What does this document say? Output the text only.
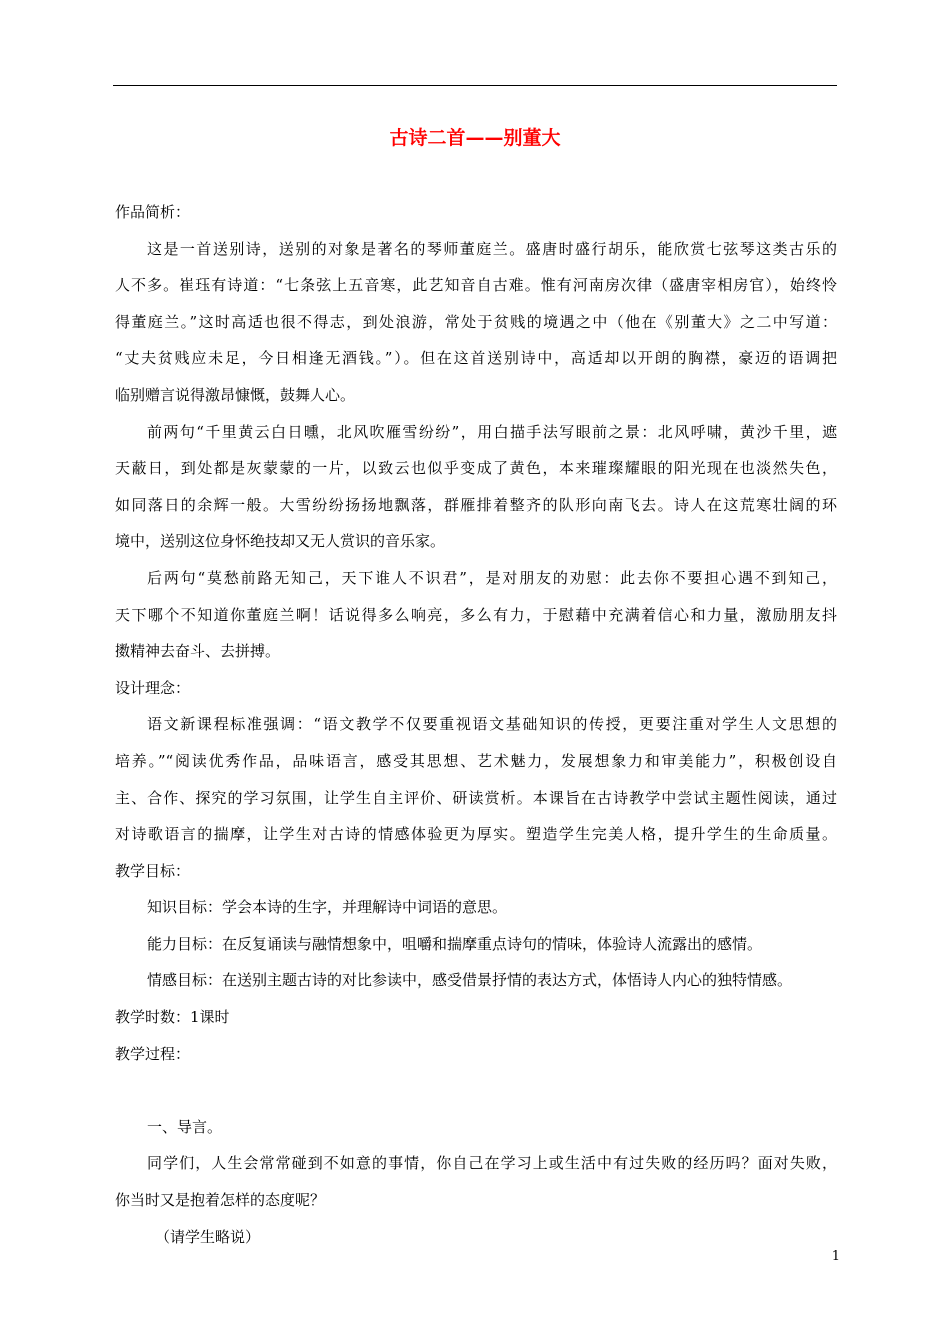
古诗二首——别董大
作品简析：
这是一首送别诗，送别的对象是著名的琴师董庭兰。盛唐时盛行胡乐，能欣赏七弦琴这类古乐的
人不多。崔珏有诗道：“七条弦上五音寒，此艺知音自古难。惟有河南房次律（盛唐宰相房官），始终怜
得董庭兰。”这时高适也很不得志，到处浪游，常处于贫贱的境遇之中（他在《别董大》之二中写道：
“丈夫贫贱应未足，今日相逢无酒钱。”）。但在这首送别诗中，高适却以开朗的胸襟，豪迈的语调把
临别赠言说得激昂慷慨，鼓舞人心。
前两句“千里黄云白日曛，北风吹雁雪纷纷”，用白描手法写眼前之景：北风呼啸，黄沙千里，遮
天蔽日，到处都是灰蒙蒙的一片，以致云也似乎变成了黄色，本来璀璨耀眼的阳光现在也淡然失色，
如同落日的余辉一般。大雪纷纷扬扬地飘落，群雁排着整齐的队形向南飞去。诗人在这荒寒壮阔的环
境中，送别这位身怀绝技却又无人赏识的音乐家。
后两句“莫愁前路无知己，天下谁人不识君”，是对朋友的劝慰：此去你不要担心遇不到知己，
天下哪个不知道你董庭兰啊！话说得多么响亮，多么有力，于慰藉中充满着信心和力量，激励朋友抖
擞精神去奋斗、去拼搏。
设计理念：
语文新课程标准强调：“语文教学不仅要重视语文基础知识的传授，更要注重对学生人文思想的
培养。”“阅读优秀作品，品味语言，感受其思想、艺术魅力，发展想象力和审美能力”，积极创设自
主、合作、探究的学习氛围，让学生自主评价、研读赏析。本课旨在古诗教学中尝试主题性阅读，通过
对诗歌语言的揣摩，让学生对古诗的情感体验更为厚实。塑造学生完美人格，提升学生的生命质量。
教学目标：
知识目标：学会本诗的生字，并理解诗中词语的意思。
能力目标：在反复诵读与融情想象中，咀嚼和揣摩重点诗句的情味，体验诗人流露出的感情。
情感目标：在送别主题古诗的对比参读中，感受借景抒情的表达方式，体悟诗人内心的独特情感。
教学时数：1课时
教学过程：
一、导言。
同学们，人生会常常碰到不如意的事情，你自己在学习上或生活中有过失败的经历吗？面对失败，
你当时又是抱着怎样的态度呢？
（请学生略说）
1
